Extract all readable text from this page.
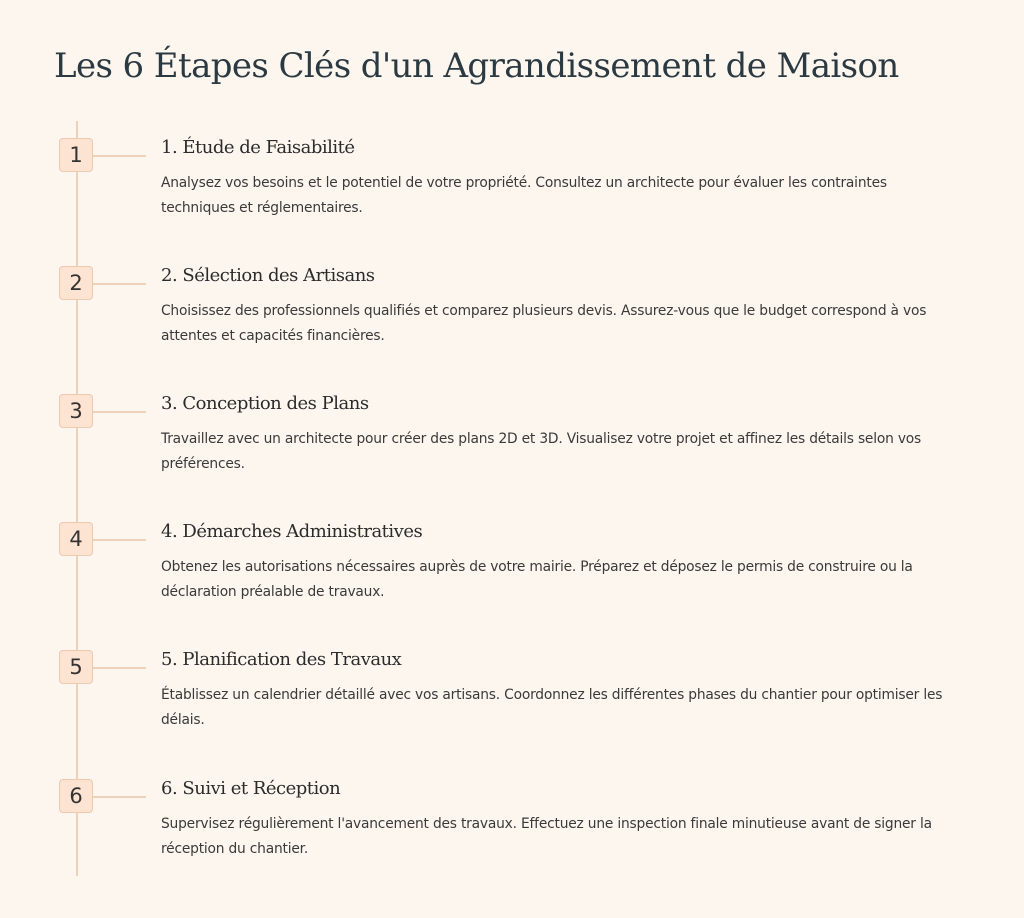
Les 6 Étapes Clés d'un Agrandissement de Maison
1	1. Étude de Faisabilité

Analysez vos besoins et le potentiel de votre propriété. Consultez un architecte pour évaluer les contraintes techniques et réglementaires.

2	2. Sélection des Artisans

Choisissez des professionnels qualifiés et comparez plusieurs devis. Assurez-vous que le budget correspond à vos attentes et capacités financières.

3	3. Conception des Plans

Travaillez avec un architecte pour créer des plans 2D et 3D. Visualisez votre projet et affinez les détails selon vos préférences.

4	4. Démarches Administratives

Obtenez les autorisations nécessaires auprès de votre mairie. Préparez et déposez le permis de construire ou la déclaration préalable de travaux.

5	5. Planification des Travaux

Établissez un calendrier détaillé avec vos artisans. Coordonnez les différentes phases du chantier pour optimiser les délais.

6	6. Suivi et Réception

Supervisez régulièrement l'avancement des travaux. Effectuez une inspection finale minutieuse avant de signer la réception du chantier.
